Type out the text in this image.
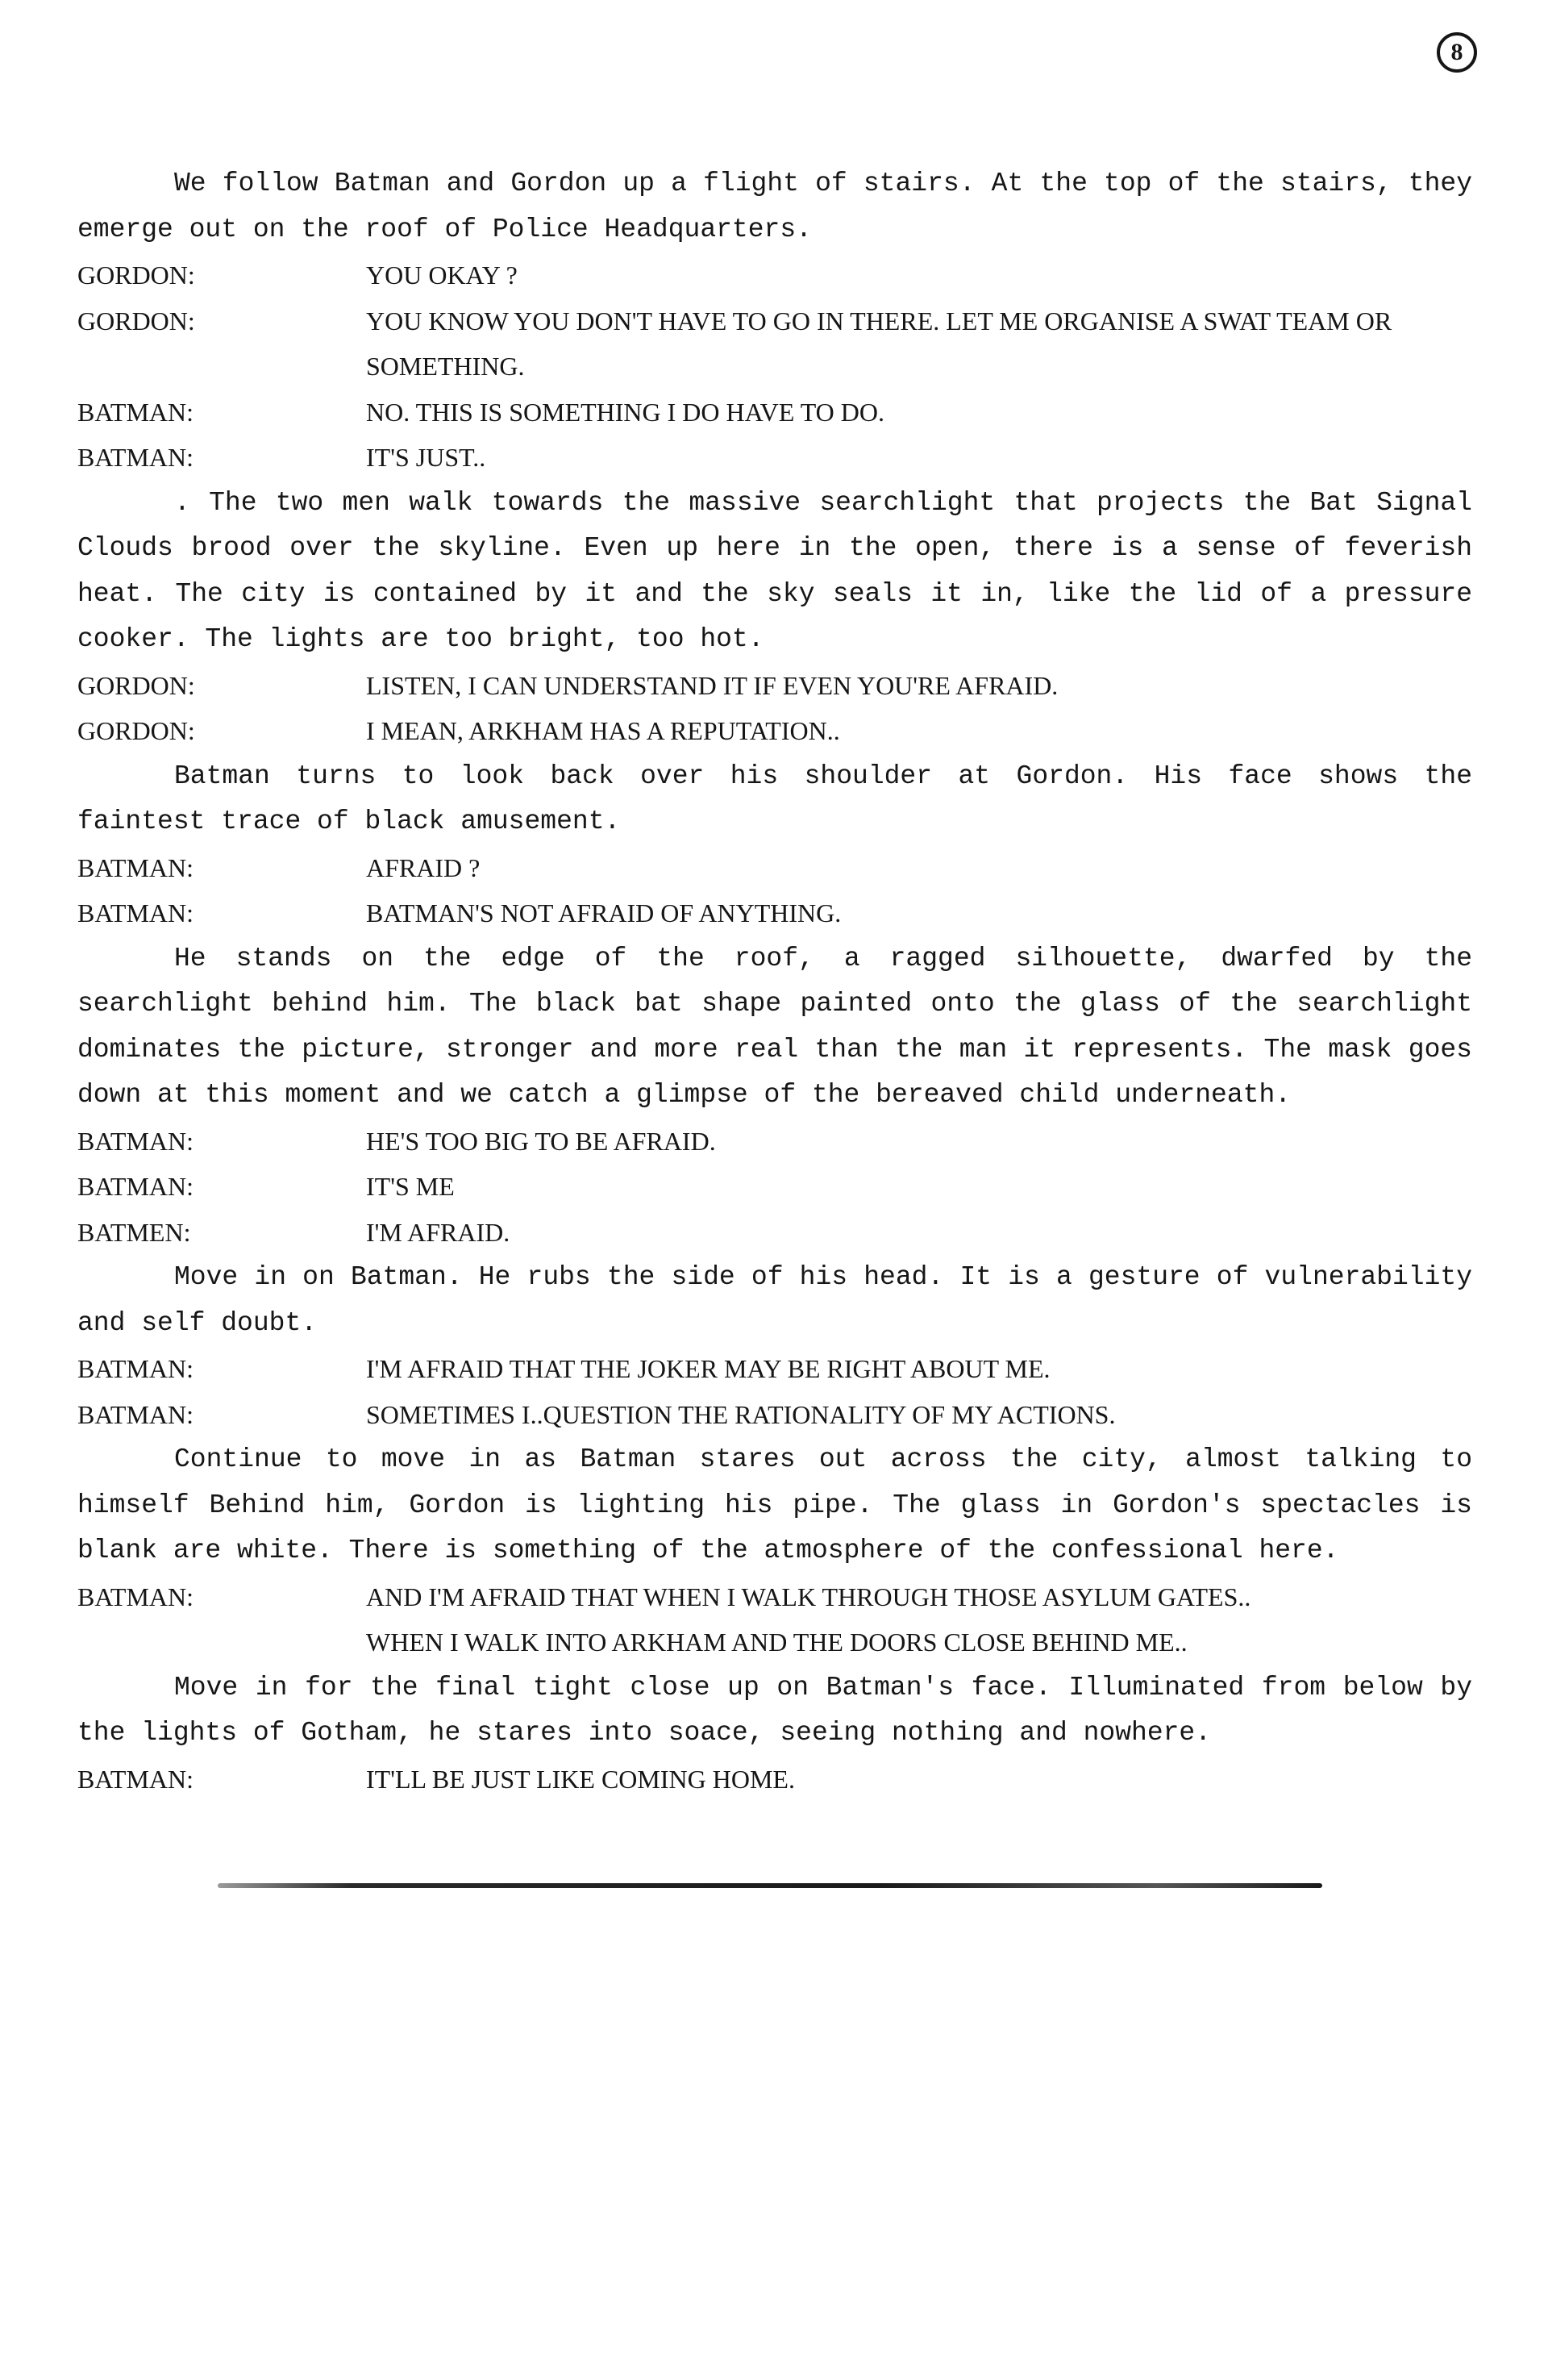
8

We follow Batman and Gordon up a flight of stairs. At the top of the stairs, they emerge out on the roof of Police Headquarters.

GORDON:	YOU OKAY ?
GORDON:	YOU KNOW YOU DON'T HAVE TO GO IN THERE. LET ME ORGANISE A SWAT TEAM OR SOMETHING.
BATMAN:	NO. THIS IS SOMETHING I DO HAVE TO DO.
BATMAN:	IT'S JUST..

. The two men walk towards the massive searchlight that projects the Bat Signal Clouds brood over the skyline. Even up here in the open, there is a sense of feverish heat. The city is contained by it and the sky seals it in, like the lid of a pressure cooker. The lights are too bright, too hot.

GORDON:	LISTEN, I CAN UNDERSTAND IT IF EVEN YOU'RE AFRAID.
GORDON:	I MEAN, ARKHAM HAS A REPUTATION..

Batman turns to look back over his shoulder at Gordon. His face shows the faintest trace of black amusement.

BATMAN:	AFRAID ?
BATMAN:	BATMAN'S NOT AFRAID OF ANYTHING.

He stands on the edge of the roof, a ragged silhouette, dwarfed by the searchlight behind him. The black bat shape painted onto the glass of the searchlight dominates the picture, stronger and more real than the man it represents. The mask goes down at this moment and we catch a glimpse of the bereaved child underneath.

BATMAN:	HE'S TOO BIG TO BE AFRAID.
BATMAN:	IT'S ME
BATMEN:	I'M AFRAID.

Move in on Batman. He rubs the side of his head. It is a gesture of vulnerability and self doubt.

BATMAN:	I'M AFRAID THAT THE JOKER MAY BE RIGHT ABOUT ME.
BATMAN:	SOMETIMES I..QUESTION THE RATIONALITY OF MY ACTIONS.

Continue to move in as Batman stares out across the city, almost talking to himself Behind him, Gordon is lighting his pipe. The glass in Gordon's spectacles is blank are white. There is something of the atmosphere of the confessional here.

BATMAN:	AND I'M AFRAID THAT WHEN I WALK THROUGH THOSE ASYLUM GATES..
WHEN I WALK INTO ARKHAM AND THE DOORS CLOSE BEHIND ME..

Move in for the final tight close up on Batman's face. Illuminated from below by the lights of Gotham, he stares into soace, seeing nothing and nowhere.

BATMAN:	IT'LL BE JUST LIKE COMING HOME.
